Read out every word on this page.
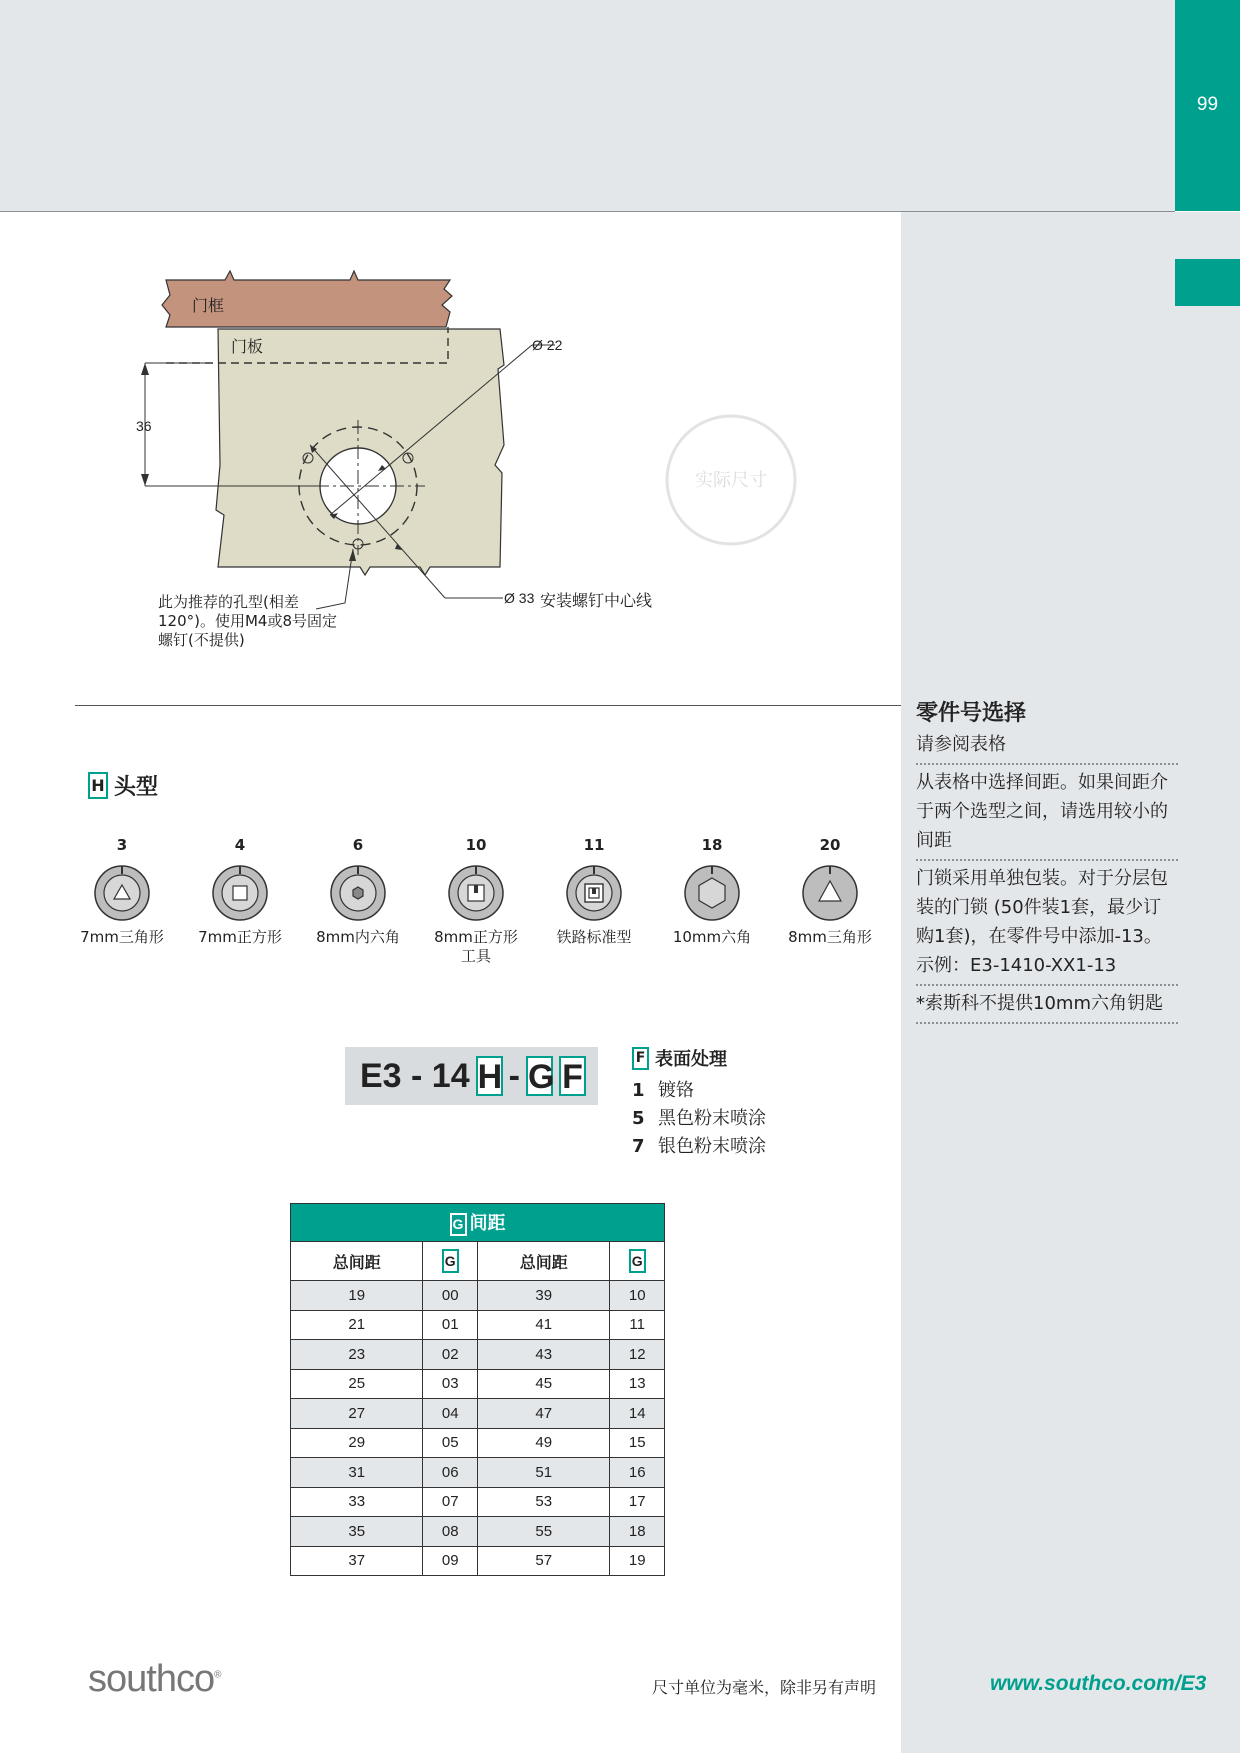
99
36
Ø 22
Ø 33 安装螺钉中心线
门框
门板
此为推荐的孔型(相差
120°)。使用M4或8号固定
螺钉(不提供)
实际尺寸
零件号选择
请参阅表格
从表格中选择间距。如果间距介于两个选型之间，请选用较小的间距
门锁采用单独包装。对于分层包装的门锁 (50件装1套，最少订购1套)，在零件号中添加-13。示例：E3-1410-XX1-13
*索斯科不提供10mm六角钥匙
H 头型
3
7mm三角形
4
7mm正方形
6
8mm内六角
10
8mm正方形
工具
11
铁路标准型
18
10mm六角
20
8mm三角形
E3 - 14 H - G F
F 表面处理
1 镀铬
5 黑色粉末喷涂
7 银色粉末喷涂
G 间距			
总间距	G	总间距	G
19	00	39	10
21	01	41	11
23	02	43	12
25	03	45	13
27	04	47	14
29	05	49	15
31	06	51	16
33	07	53	17
35	08	55	18
37	09	57	19
southco®
尺寸单位为毫米，除非另有声明	www.southco.com/E3
